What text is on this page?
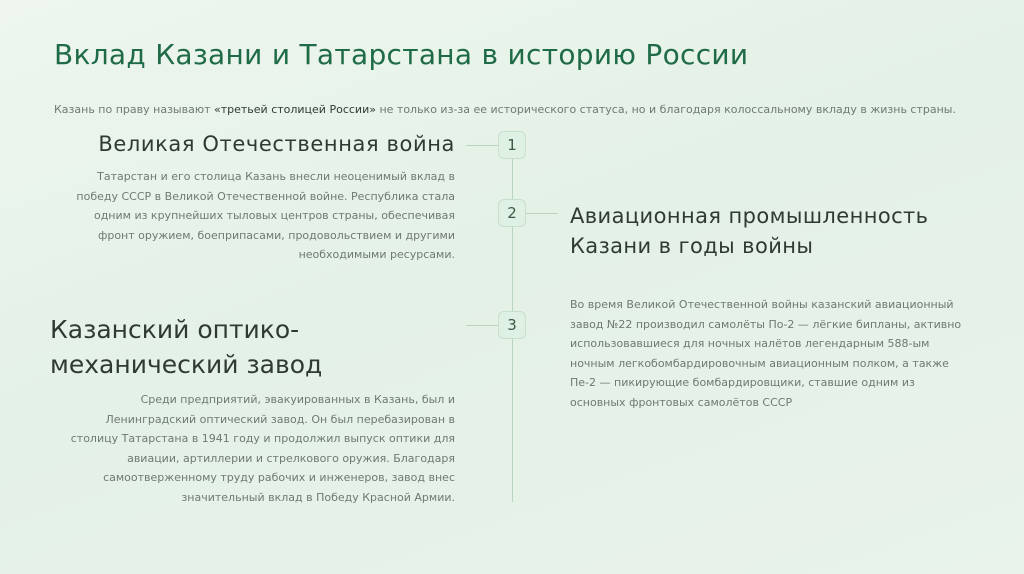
Вклад Казани и Татарстана в историю России
Казань по праву называют «третьей столицей России» не только из-за ее исторического статуса, но и благодаря колоссальному вкладу в жизнь страны.
1
Великая Отечественная война
Татарстан и его столица Казань внесли неоценимый вклад в победу СССР в Великой Отечественной войне. Республика стала одним из крупнейших тыловых центров страны, обеспечивая фронт оружием, боеприпасами, продовольствием и другими необходимыми ресурсами.
2	Авиационная промышленность
Казани в годы войны
Во время Великой Отечественной войны казанский авиационный завод №22 производил самолёты По-2 — лёгкие бипланы, активно использовавшиеся для ночных налётов легендарным 588-ым ночным легкобомбардировочным авиационным полком, а также Пе-2 — пикирующие бомбардировщики, ставшие одним из основных фронтовых самолётов СССР
3
Казанский оптико-
механический завод
Среди предприятий, эвакуированных в Казань, был и Ленинградский оптический завод. Он был перебазирован в столицу Татарстана в 1941 году и продолжил выпуск оптики для авиации, артиллерии и стрелкового оружия. Благодаря самоотверженному труду рабочих и инженеров, завод внес значительный вклад в Победу Красной Армии.
